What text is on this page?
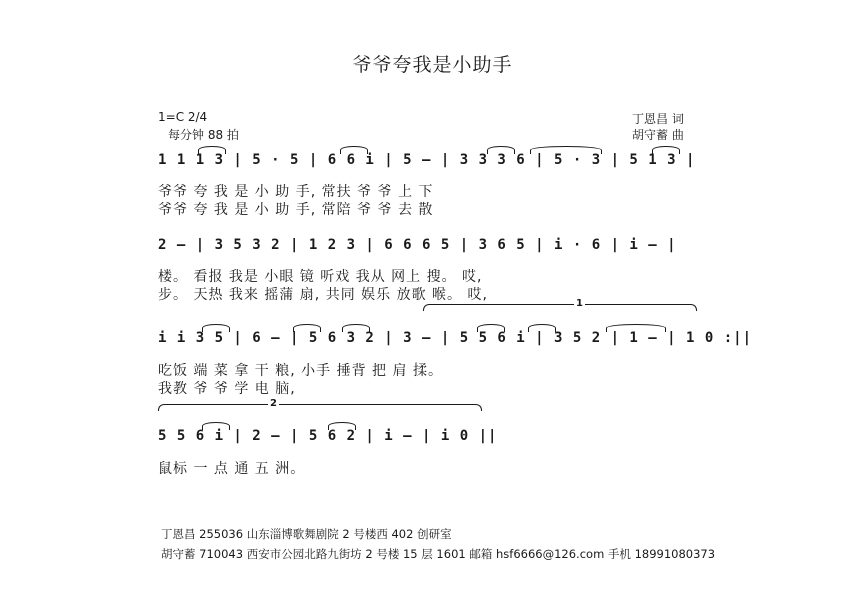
爷爷夸我是小助手
1=C 2/4
每分钟 88 拍
丁恩昌 词
胡守蓄 曲
1 1 1 3 | 5 · 5 | 6 6 i | 5 — | 3 3 3 6 | 5 · 3 | 5 1 3 |
爷爷 夸 我 是 小 助 手, 常扶 爷 爷 上 下
爷爷 夸 我 是 小 助 手, 常陪 爷 爷 去 散
2 — | 3 5 3 2 | 1 2 3 | 6 6 6 5 | 3 6 5 | i · 6 | i — |
楼。 看报 我是 小眼 镜 听戏 我从 网上 搜。 哎,
步。 天热 我来 摇蒲 扇, 共同 娱乐 放歌 喉。 哎,
1
i i 3 5 | 6 — | 5 6 3 2 | 3 — | 5 5 6 i | 3 5 2 | 1 — | 1 0 :||
吃饭 端 菜 拿 干 粮, 小手 捶背 把 肩 揉。
我教 爷 爷 学 电 脑,
2
5 5 6 i | 2 — | 5 6 2 | i — | i 0 ||
鼠标 一 点 通 五 洲。
丁恩昌 255036 山东淄博歌舞剧院 2 号楼西 402 创研室
胡守蓄 710043 西安市公园北路九街坊 2 号楼 15 层 1601 邮箱 hsf6666@126.com 手机 18991080373
